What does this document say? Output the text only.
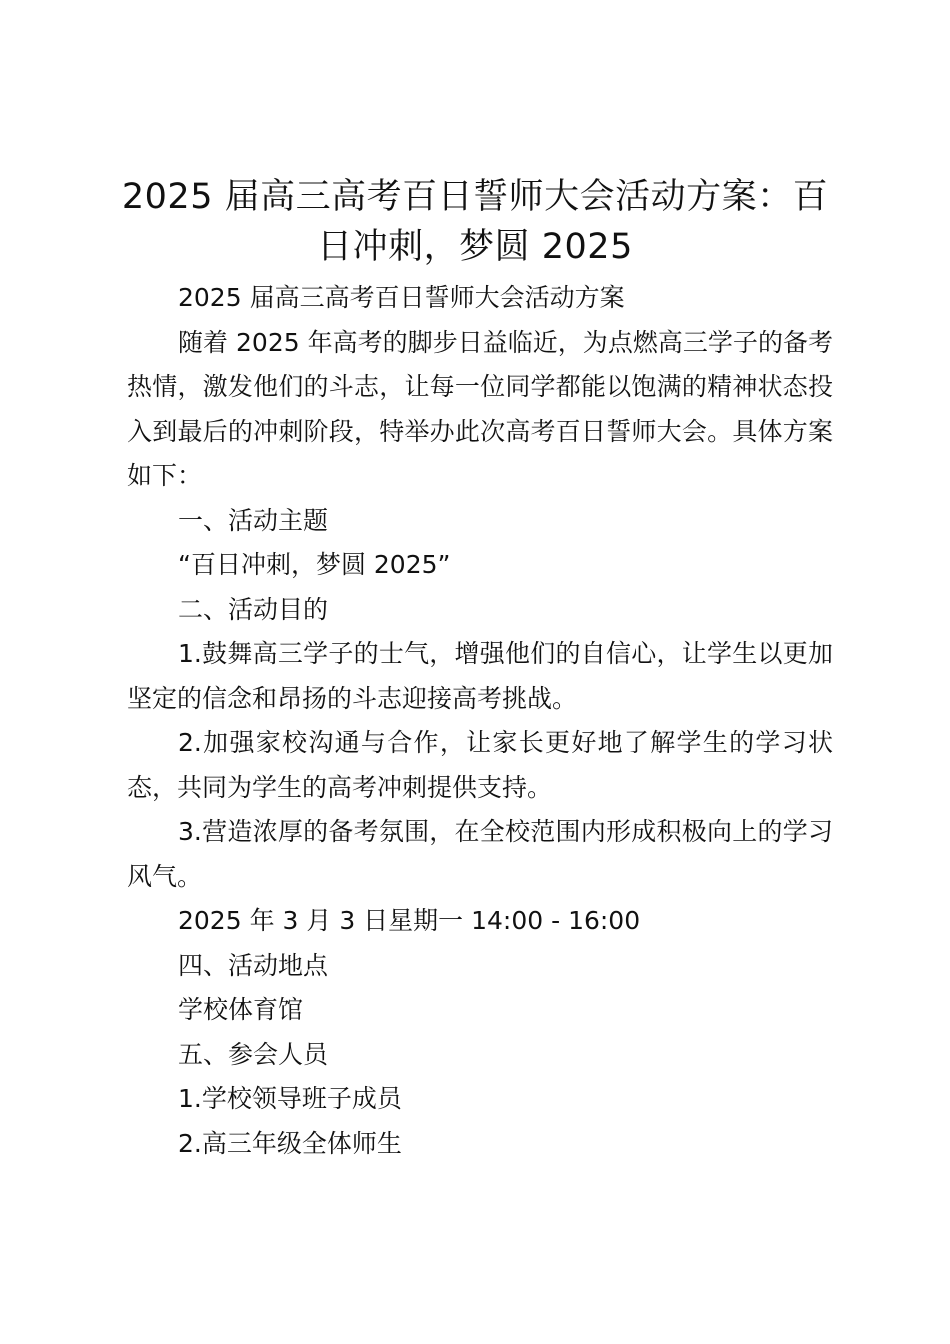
2025 届高三高考百日誓师大会活动方案：百日冲刺，梦圆 2025

2025 届高三高考百日誓师大会活动方案

随着 2025 年高考的脚步日益临近，为点燃高三学子的备考热情，激发他们的斗志，让每一位同学都能以饱满的精神状态投入到最后的冲刺阶段，特举办此次高考百日誓师大会。具体方案如下：

一、活动主题

“百日冲刺，梦圆 2025”

二、活动目的

1.鼓舞高三学子的士气，增强他们的自信心，让学生以更加坚定的信念和昂扬的斗志迎接高考挑战。

2.加强家校沟通与合作，让家长更好地了解学生的学习状态，共同为学生的高考冲刺提供支持。

3.营造浓厚的备考氛围，在全校范围内形成积极向上的学习风气。

2025 年 3 月 3 日星期一 14:00 - 16:00

四、活动地点

学校体育馆

五、参会人员

1.学校领导班子成员

2.高三年级全体师生
